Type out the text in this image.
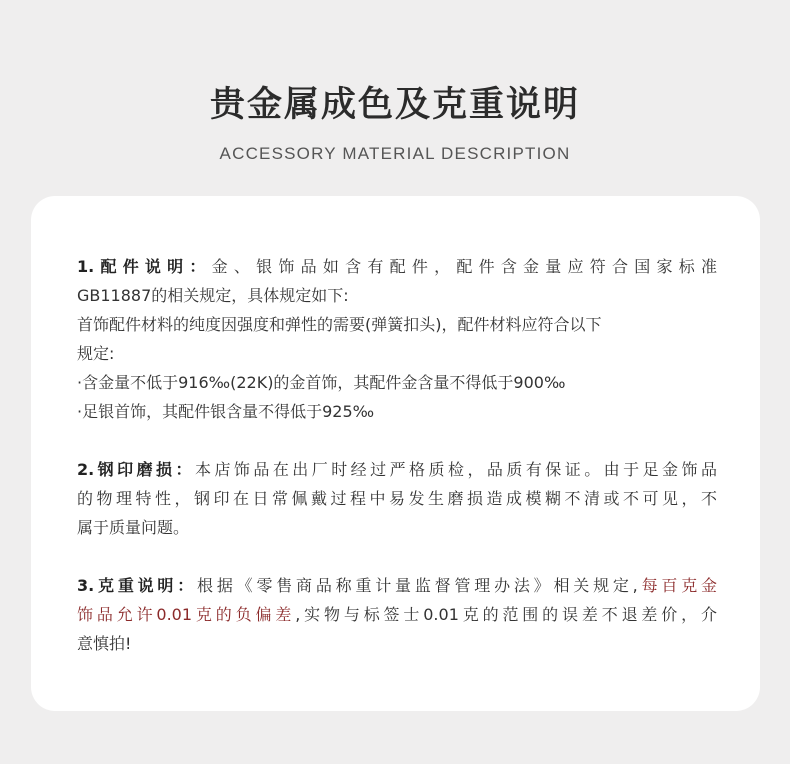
贵金属成色及克重说明
ACCESSORY MATERIAL DESCRIPTION
1.配件说明：金、银饰品如含有配件，配件含金量应符合国家标准
GB11887的相关规定，具体规定如下:
首饰配件材料的纯度因强度和弹性的需要(弹簧扣头)，配件材料应符合以下
规定:
·含金量不低于916‰(22K)的金首饰，其配件金含量不得低于900‰
·足银首饰，其配件银含量不得低于925‰
2.钢印磨损：本店饰品在出厂时经过严格质检，品质有保证。由于足金饰品
的物理特性，钢印在日常佩戴过程中易发生磨损造成模糊不清或不可见，不
属于质量问题。
3.克重说明：根据《零售商品称重计量监督管理办法》相关规定,每百克金
饰品允许0.01克的负偏差,实物与标签士0.01克的范围的误差不退差价，介
意慎拍!
